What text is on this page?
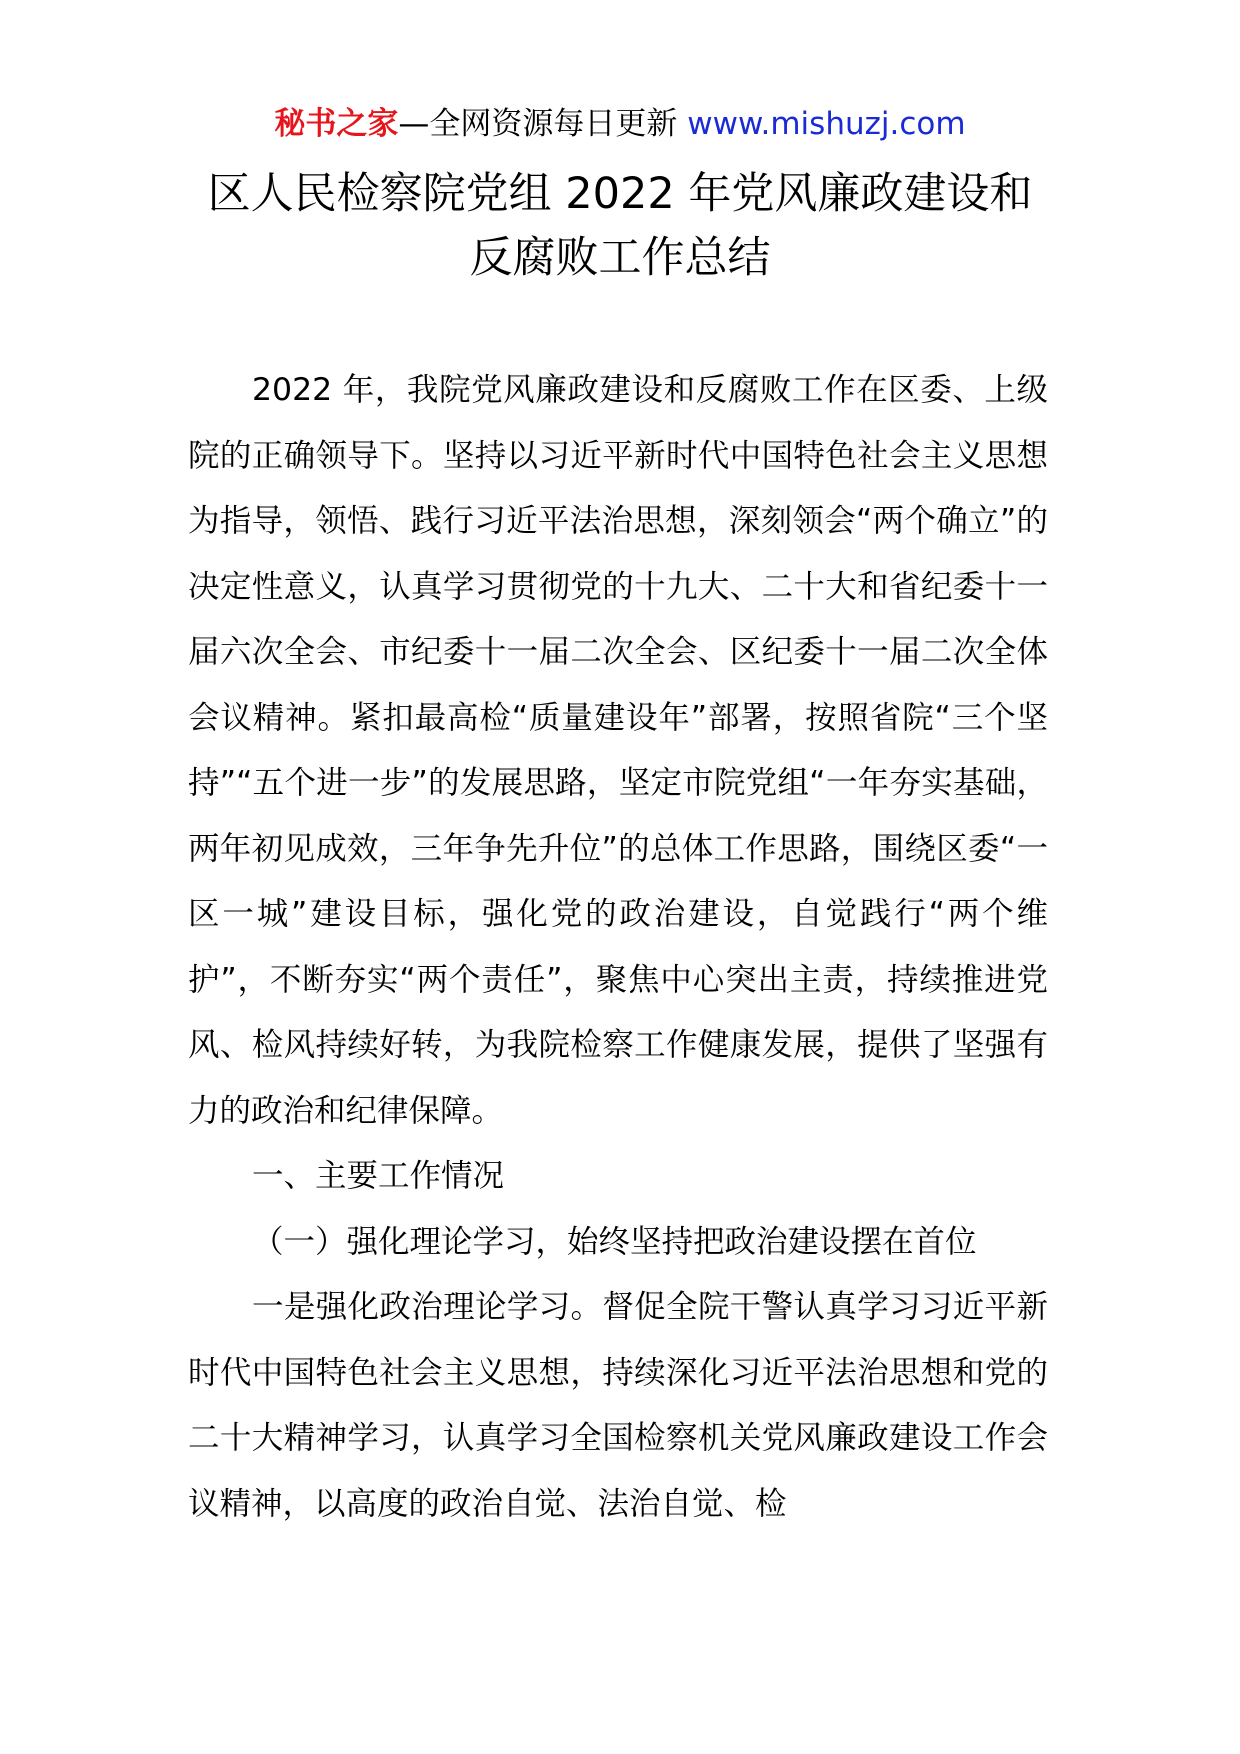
秘书之家—全网资源每日更新 www.mishuzj.com
区人民检察院党组 2022 年党风廉政建设和
反腐败工作总结

2022 年，我院党风廉政建设和反腐败工作在区委、上级院的正确领导下。坚持以习近平新时代中国特色社会主义思想为指导，领悟、践行习近平法治思想，深刻领会“两个确立”的决定性意义，认真学习贯彻党的十九大、二十大和省纪委十一届六次全会、市纪委十一届二次全会、区纪委十一届二次全体会议精神。紧扣最高检“质量建设年”部署，按照省院“三个坚持”“五个进一步”的发展思路，坚定市院党组“一年夯实基础，两年初见成效，三年争先升位”的总体工作思路，围绕区委“一区一城”建设目标，强化党的政治建设，自觉践行“两个维护”，不断夯实“两个责任”，聚焦中心突出主责，持续推进党风、检风持续好转，为我院检察工作健康发展，提供了坚强有力的政治和纪律保障。

一、主要工作情况

（一）强化理论学习，始终坚持把政治建设摆在首位

一是强化政治理论学习。督促全院干警认真学习习近平新时代中国特色社会主义思想，持续深化习近平法治思想和党的二十大精神学习，认真学习全国检察机关党风廉政建设工作会议精神，以高度的政治自觉、法治自觉、检
